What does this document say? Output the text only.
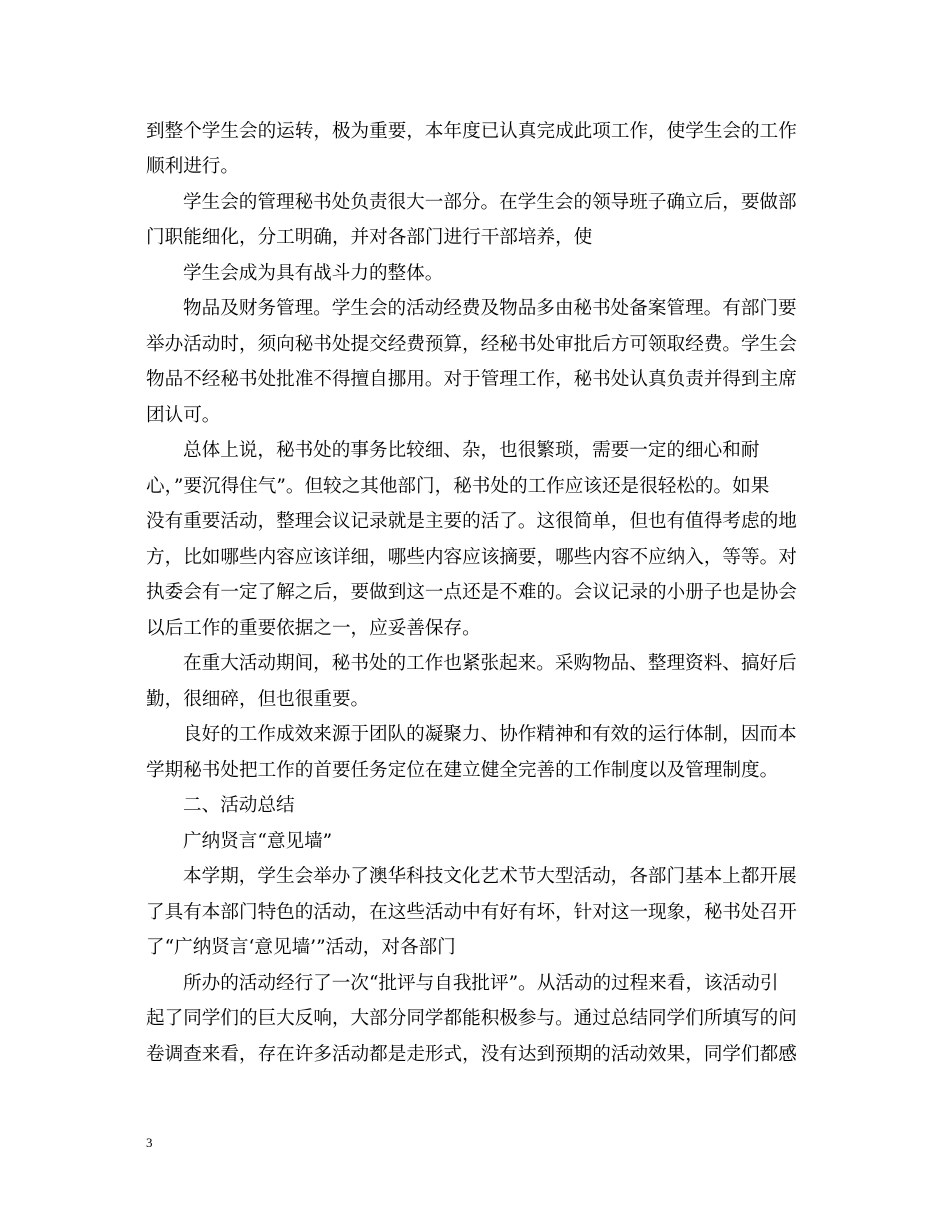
到整个学生会的运转，极为重要，本年度已认真完成此项工作，使学生会的工作
顺利进行。
学生会的管理秘书处负责很大一部分。在学生会的领导班子确立后，要做部
门职能细化，分工明确，并对各部门进行干部培养，使
学生会成为具有战斗力的整体。
物品及财务管理。学生会的活动经费及物品多由秘书处备案管理。有部门要
举办活动时，须向秘书处提交经费预算，经秘书处审批后方可领取经费。学生会
物品不经秘书处批准不得擅自挪用。对于管理工作，秘书处认真负责并得到主席
团认可。
总体上说，秘书处的事务比较细、杂，也很繁琐，需要一定的细心和耐
心，”要沉得住气”。但较之其他部门，秘书处的工作应该还是很轻松的。如果
没有重要活动，整理会议记录就是主要的活了。这很简单，但也有值得考虑的地
方，比如哪些内容应该详细，哪些内容应该摘要，哪些内容不应纳入，等等。对
执委会有一定了解之后，要做到这一点还是不难的。会议记录的小册子也是协会
以后工作的重要依据之一，应妥善保存。
在重大活动期间，秘书处的工作也紧张起来。采购物品、整理资料、搞好后
勤，很细碎，但也很重要。
良好的工作成效来源于团队的凝聚力、协作精神和有效的运行体制，因而本
学期秘书处把工作的首要任务定位在建立健全完善的工作制度以及管理制度。
二、活动总结
广纳贤言“意见墙”
本学期，学生会举办了澳华科技文化艺术节大型活动，各部门基本上都开展
了具有本部门特色的活动，在这些活动中有好有坏，针对这一现象，秘书处召开
了“广纳贤言‘意见墙’”活动，对各部门
所办的活动经行了一次“批评与自我批评”。从活动的过程来看，该活动引
起了同学们的巨大反响，大部分同学都能积极参与。通过总结同学们所填写的问
卷调查来看，存在许多活动都是走形式，没有达到预期的活动效果，同学们都感
3
